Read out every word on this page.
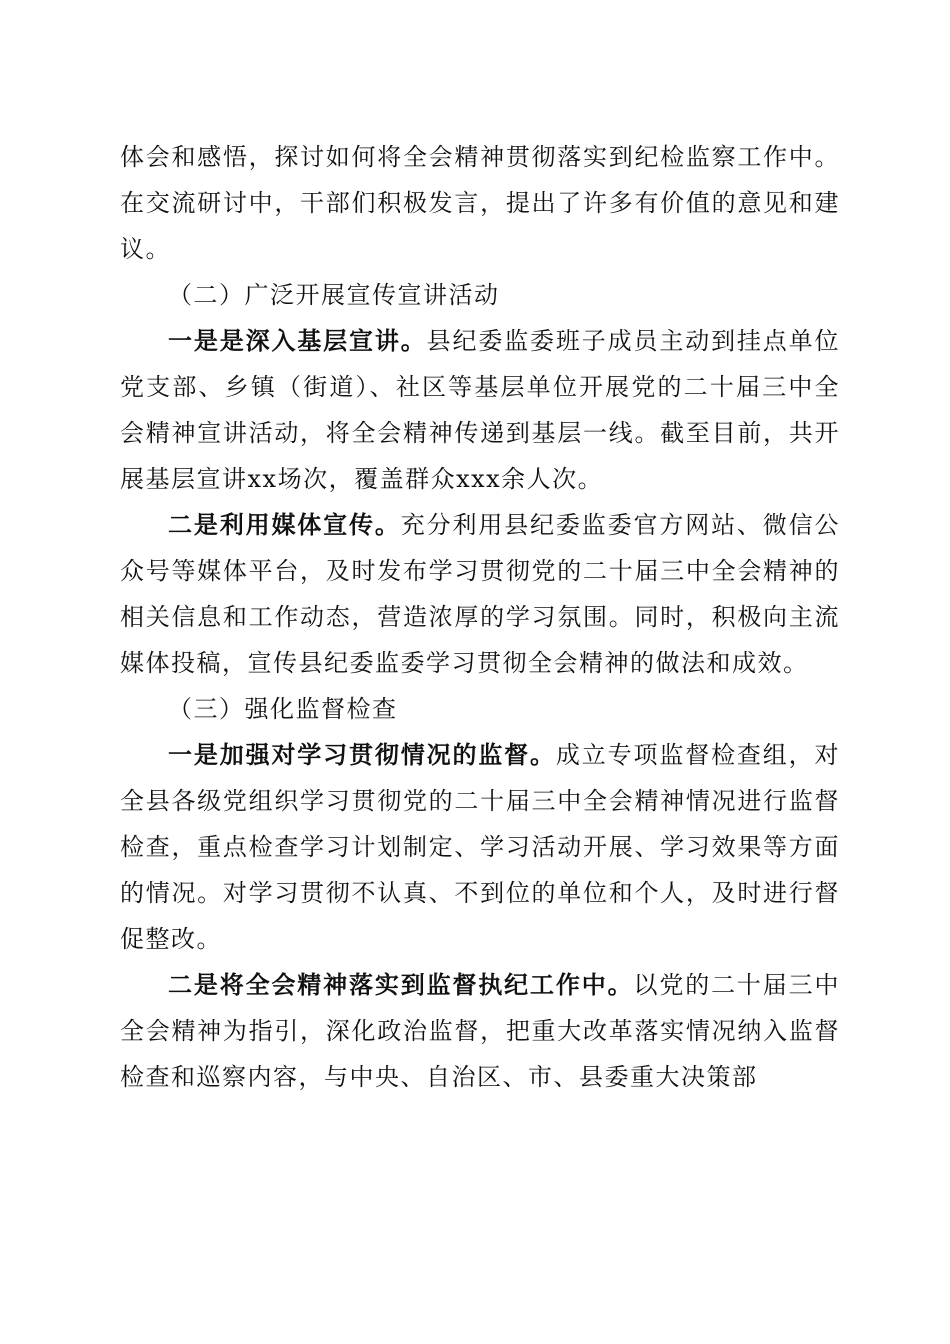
体会和感悟，探讨如何将全会精神贯彻落实到纪检监察工作中。在交流研讨中，干部们积极发言，提出了许多有价值的意见和建议。

（二）广泛开展宣传宣讲活动

一是是深入基层宣讲。县纪委监委班子成员主动到挂点单位党支部、乡镇（街道）、社区等基层单位开展党的二十届三中全会精神宣讲活动，将全会精神传递到基层一线。截至目前，共开展基层宣讲xx场次，覆盖群众xxx余人次。

二是利用媒体宣传。充分利用县纪委监委官方网站、微信公众号等媒体平台，及时发布学习贯彻党的二十届三中全会精神的相关信息和工作动态，营造浓厚的学习氛围。同时，积极向主流媒体投稿，宣传县纪委监委学习贯彻全会精神的做法和成效。

（三）强化监督检查

一是加强对学习贯彻情况的监督。成立专项监督检查组，对全县各级党组织学习贯彻党的二十届三中全会精神情况进行监督检查，重点检查学习计划制定、学习活动开展、学习效果等方面的情况。对学习贯彻不认真、不到位的单位和个人，及时进行督促整改。

二是将全会精神落实到监督执纪工作中。以党的二十届三中全会精神为指引，深化政治监督，把重大改革落实情况纳入监督检查和巡察内容，与中央、自治区、市、县委重大决策部
